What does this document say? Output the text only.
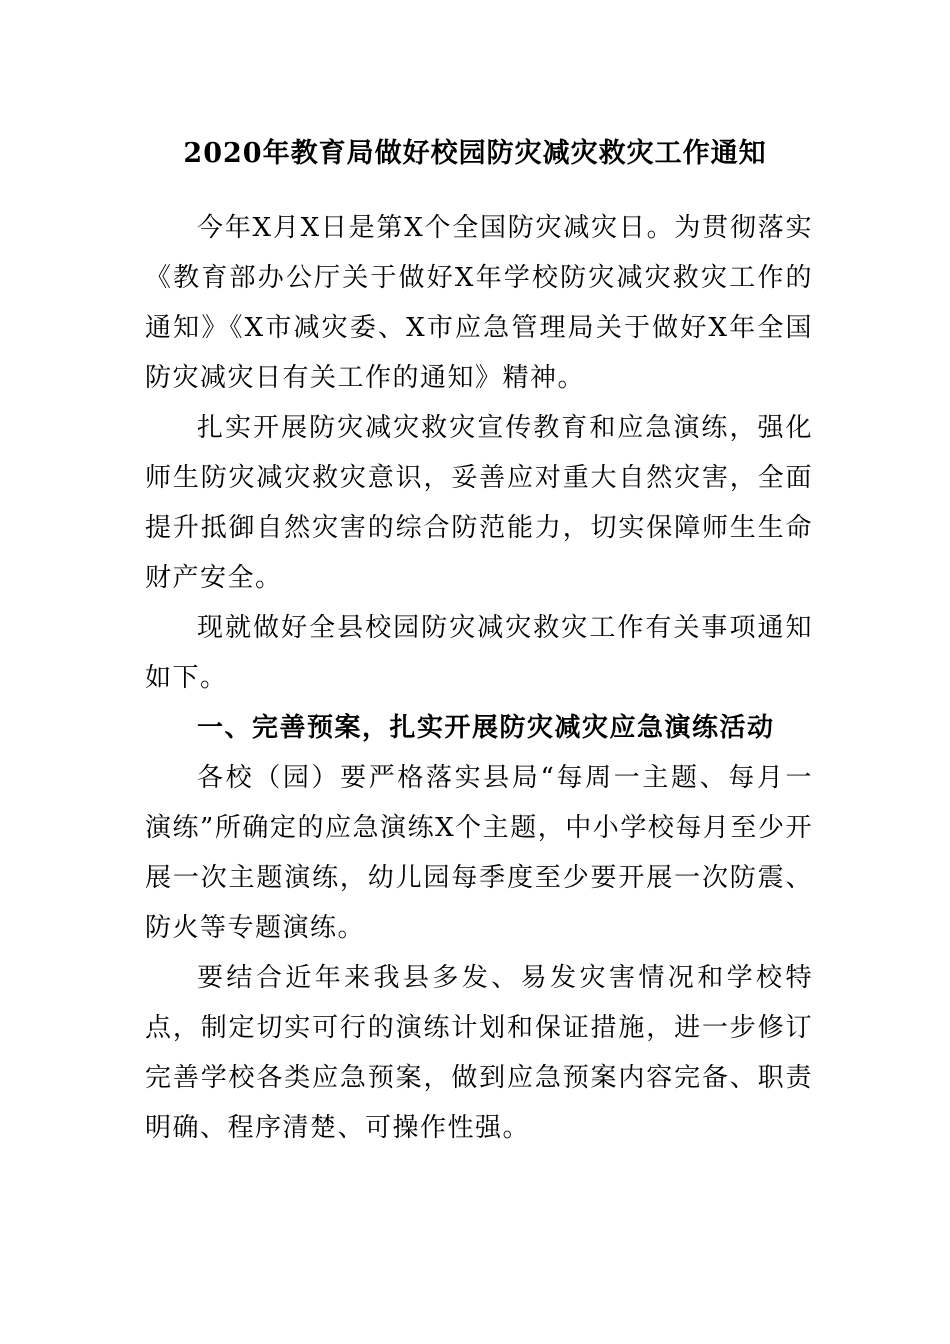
2020年教育局做好校园防灾减灾救灾工作通知

今年X月X日是第X个全国防灾减灾日。为贯彻落实《教育部办公厅关于做好X年学校防灾减灾救灾工作的通知》《X市减灾委、X市应急管理局关于做好X年全国防灾减灾日有关工作的通知》精神。

扎实开展防灾减灾救灾宣传教育和应急演练，强化师生防灾减灾救灾意识，妥善应对重大自然灾害，全面提升抵御自然灾害的综合防范能力，切实保障师生生命财产安全。

现就做好全县校园防灾减灾救灾工作有关事项通知如下。

一、完善预案，扎实开展防灾减灾应急演练活动

各校（园）要严格落实县局“每周一主题、每月一演练”所确定的应急演练X个主题，中小学校每月至少开展一次主题演练，幼儿园每季度至少要开展一次防震、防火等专题演练。

要结合近年来我县多发、易发灾害情况和学校特点，制定切实可行的演练计划和保证措施，进一步修订完善学校各类应急预案，做到应急预案内容完备、职责明确、程序清楚、可操作性强。
